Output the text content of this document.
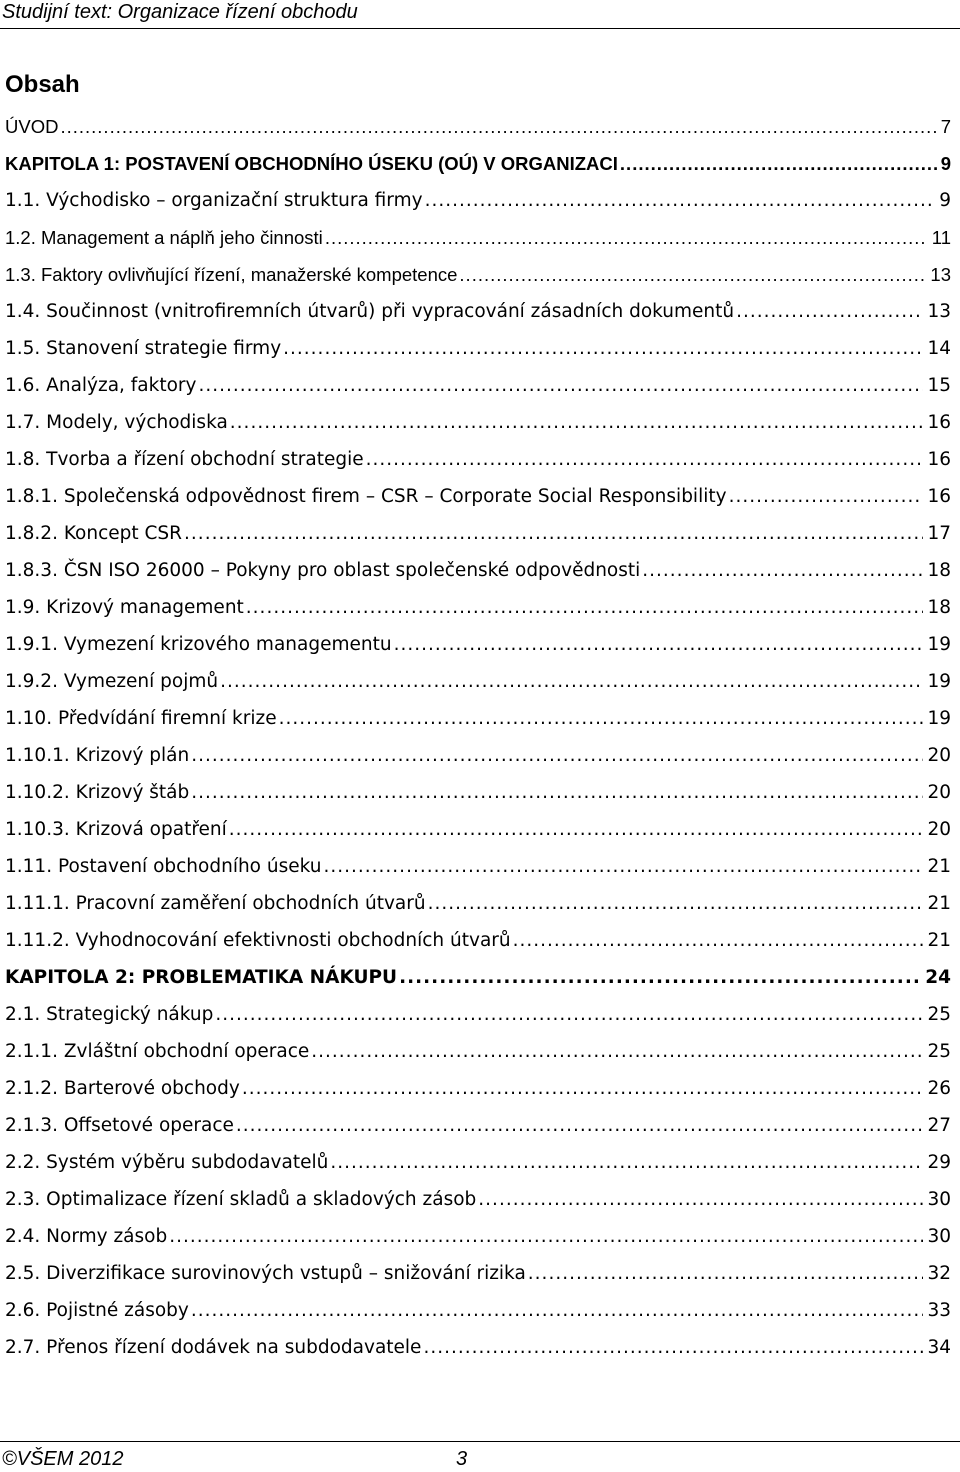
Studijní text: Organizace řízení obchodu
Obsah
ÚVOD .....	7
KAPITOLA 1: POSTAVENÍ OBCHODNÍHO ÚSEKU (OÚ) V ORGANIZACI .....	9
1.1. Východisko – organizační struktura firmy .....	9
1.2. Management a náplň jeho činnosti .....	11
1.3. Faktory ovlivňující řízení, manažerské kompetence .....	13
1.4. Součinnost (vnitrofiremních útvarů) při vypracování zásadních dokumentů .....	13
1.5. Stanovení strategie firmy .....	14
1.6. Analýza, faktory .....	15
1.7. Modely, východiska .....	16
1.8. Tvorba a řízení obchodní strategie .....	16
1.8.1. Společenská odpovědnost firem – CSR – Corporate Social Responsibility .....	16
1.8.2. Koncept CSR .....	17
1.8.3. ČSN ISO 26000 – Pokyny pro oblast společenské odpovědnosti .....	18
1.9. Krizový management .....	18
1.9.1. Vymezení krizového managementu .....	19
1.9.2. Vymezení pojmů .....	19
1.10. Předvídání firemní krize .....	19
1.10.1. Krizový plán .....	20
1.10.2. Krizový štáb .....	20
1.10.3. Krizová opatření .....	20
1.11. Postavení obchodního úseku .....	21
1.11.1. Pracovní zaměření obchodních útvarů .....	21
1.11.2. Vyhodnocování efektivnosti obchodních útvarů .....	21
KAPITOLA 2: PROBLEMATIKA NÁKUPU .....	24
2.1. Strategický nákup .....	25
2.1.1. Zvláštní obchodní operace .....	25
2.1.2. Barterové obchody .....	26
2.1.3. Offsetové operace .....	27
2.2. Systém výběru subdodavatelů .....	29
2.3. Optimalizace řízení skladů a skladových zásob .....	30
2.4. Normy zásob .....	30
2.5. Diverzifikace surovinových vstupů – snižování rizika .....	32
2.6. Pojistné zásoby .....	33
2.7. Přenos řízení dodávek na subdodavatele .....	34
©VŠEM 2012	3
